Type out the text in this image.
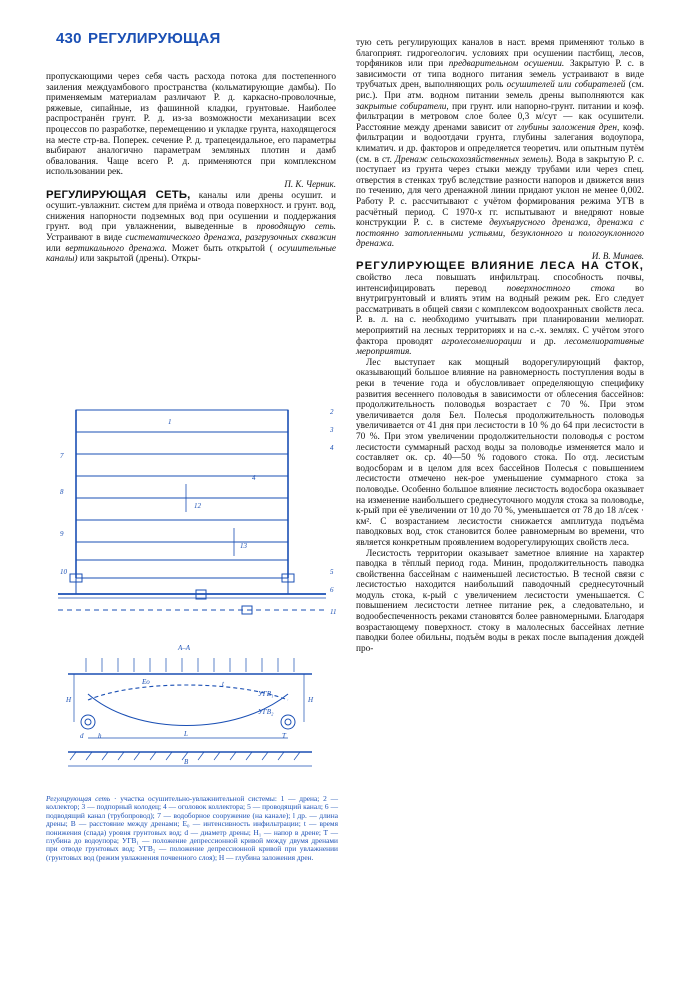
430 РЕГУЛИРУЮЩАЯ

пропускающими через себя часть расхода потока для постепенного заиления междуамбового пространства (кольматирующие дамбы). По применяемым материалам различают Р. д. каркасно-проволочные, ряжевые, сипайные, из фашинной кладки, грунтовые. Наиболее распространён грунт. Р. д. из-за возможности механизации всех процессов по разработке, перемещению и укладке грунта, находящегося на месте стр-ва. Поперек. сечение Р. д. трапецеидальное, его параметры выбирают аналогично параметрам земляных плотин и дамб обвалования. Чаще всего Р. д. применяются при комплексном использовании рек.

П. К. Черник.

РЕГУЛИРУЮЩАЯ СЕТЬ, каналы или дрены осушит. и осушит.-увлажнит. систем для приёма и отвода поверхност. и грунт. вод, снижения напорности подземных вод при осушении и поддержания грунт. вод при увлажнении, выведенные в проводящую сеть. Устраивают в виде систематического дренажа, разгрузочных скважин или вертикального дренажа. Может быть открытой ( осушительные каналы) или закрытой (дрены). Откры-

1
2
3
4
12
13
7
8
9
10	5
6
11
4
A–A
Eo	t
УГВ₁
УГВ₂
L
В
Н	Н
d h	Т
Регулирующая сеть · участка осушительно-увлажнительной системы: 1 — дрена; 2 — коллектор; 3 — подпорный колодец; 4 — оголовок коллектора; 5 — проводящий канал; 6 — подводящий канал (трубопровод); 7 — водоборное сооружение (на канале); l др. — длина дрены; В — расстояние между дренами; Е₀ — интенсивность инфильтрации; t — время понижения (спада) уровня грунтовых вод; d — диаметр дрены; Н₁ — напор в дрене; Т — глубина до водоупора; УГВ₁ — положение депрессионной кривой между двумя дренами при отводе грунтовых вод; УГВ₂ — положение депрессионной кривой при увлажнении (грунтовых вод (режим увлажнения почвенного слоя); Н — глубина заложения дрен.

тую сеть регулирующих каналов в наст. время применяют только в благоприят. гидрогеологич. условиях при осушении пастбищ, лесов, торфяников или при предварительном осушении. Закрытую Р. с. в зависимости от типа водного питания земель устраивают в виде трубчатых дрен, выполняющих роль осушителей или собирателей (см. рис.). При атм. водном питании земель дрены выполняются как закрытые собиратели, при грунт. или напорно-грунт. питании и коэф. фильтрации в метровом слое более 0,3 м/сут — как осушители. Расстояние между дренами зависит от глубины заложения дрен, коэф. фильтрации и водоотдачи грунта, глубины залегания водоупора, климатич. и др. факторов и определяется теоретич. или опытным путём (см. в ст. Дренаж сельскохозяйственных земель). Вода в закрытую Р. с. поступает из грунта через стыки между трубами или через спец. отверстия в стенках труб вследствие разности напоров и движется вниз по течению, для чего дренажной линии придают уклон не менее 0,002. Работу Р. с. рассчитывают с учётом формирования режима УГВ в расчётный период. С 1970-х гг. испытывают и внедряют новые конструкции Р. с. в системе двухъярусного дренажа, дренажа с постоянно затопленными устьями, безуклонного и пологоуклонного дренажа.

И. В. Минаев.

РЕГУЛИРУЮЩЕЕ ВЛИЯНИЕ ЛЕСА НА СТОК, свойство леса повышать инфильтрац. способность почвы, интенсифицировать перевод поверхностного стока во внутригрунтовый и влиять этим на водный режим рек. Его следует рассматривать в общей связи с комплексом водоохранных свойств леса. Р. в. л. на с. необходимо учитывать при планировании мелиорат. мероприятий на лесных территориях и на с.-х. землях. С учётом этого фактора проводят агролесомелиорации и др. лесомелиоративные мероприятия.

Лес выступает как мощный водорегулирующий фактор, оказывающий большое влияние на равномерность поступления воды в реки в течение года и обусловливает определяющую специфику развития весеннего половодья в зависимости от облесения бассейнов: продолжительность половодья возрастает с 70 %. При этом увеличивается доля Бел. Полесья продолжительность половодья увеличивается от 41 дня при лесистости в 10 % до 64 при лесистости в 70 %. При этом увеличении продолжительности половодья с ростом лесистости суммарный расход воды за половодье изменяется мало и составляет ок. ср. 40—50 % годового стока. По отд. лесистым водосборам и в целом для всех бассейнов Полесья с повышением лесистости отмечено нек-рое уменьшение суммарного стока за половодье. Особенно большое влияние лесистость водосбора оказывает на изменение наибольшего среднесуточного модуля стока за половодье, к-рый при её увеличении от 10 до 70 %, уменьшается от 78 до 18 л/сек · км². С возрастанием лесистости снижается амплитуда подъёма паводковых вод, сток становится более равномерным во времени, что является конкретным проявлением водорегулирующих свойств леса.

Лесистость территории оказывает заметное влияние на характер паводка в тёплый период года. Минин, продолжительность паводка свойственна бассейнам с наименьшей лесистостью. В тесной связи с лесистостью находится наибольший паводочный среднесуточный модуль стока, к-рый с увеличением лесистости уменьшается. С повышением лесистости летнее питание рек, а следовательно, и водообеспеченность реками становятся более равномерными. Благодаря возрастающему поверхност. стоку в малолесных бассейнах летние паводки более обильны, подъём воды в реках после выпадения дождей про-
